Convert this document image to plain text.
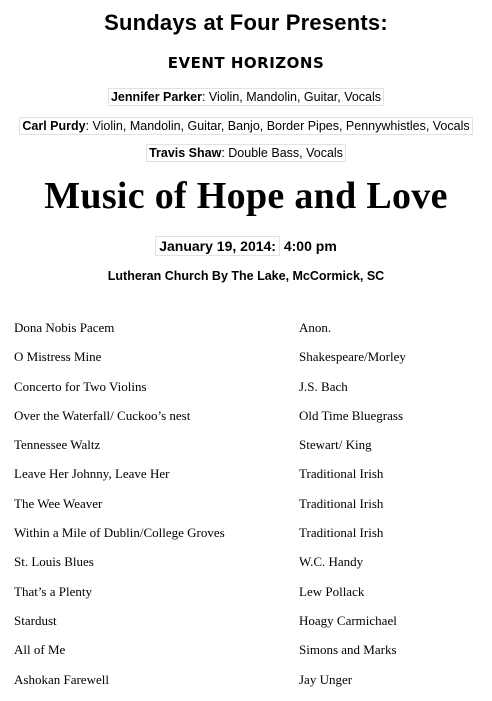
Sundays at Four Presents:
EVENT HORIZONS
Jennifer Parker: Violin, Mandolin, Guitar, Vocals
Carl Purdy: Violin, Mandolin, Guitar, Banjo, Border Pipes, Pennywhistles, Vocals
Travis Shaw: Double Bass, Vocals
Music of Hope and Love
January 19, 2014: 4:00 pm
Lutheran Church By The Lake, McCormick, SC
Dona Nobis Pacem	Anon.
O Mistress Mine	Shakespeare/Morley
Concerto for Two Violins	J.S. Bach
Over the Waterfall/ Cuckoo’s nest	Old Time Bluegrass
Tennessee Waltz	Stewart/ King
Leave Her Johnny, Leave Her	Traditional Irish
The Wee Weaver	Traditional Irish
Within a Mile of Dublin/College Groves	Traditional Irish
St. Louis Blues	W.C. Handy
That’s a Plenty	Lew Pollack
Stardust	Hoagy Carmichael
All of Me	Simons and Marks
Ashokan Farewell	Jay Unger
